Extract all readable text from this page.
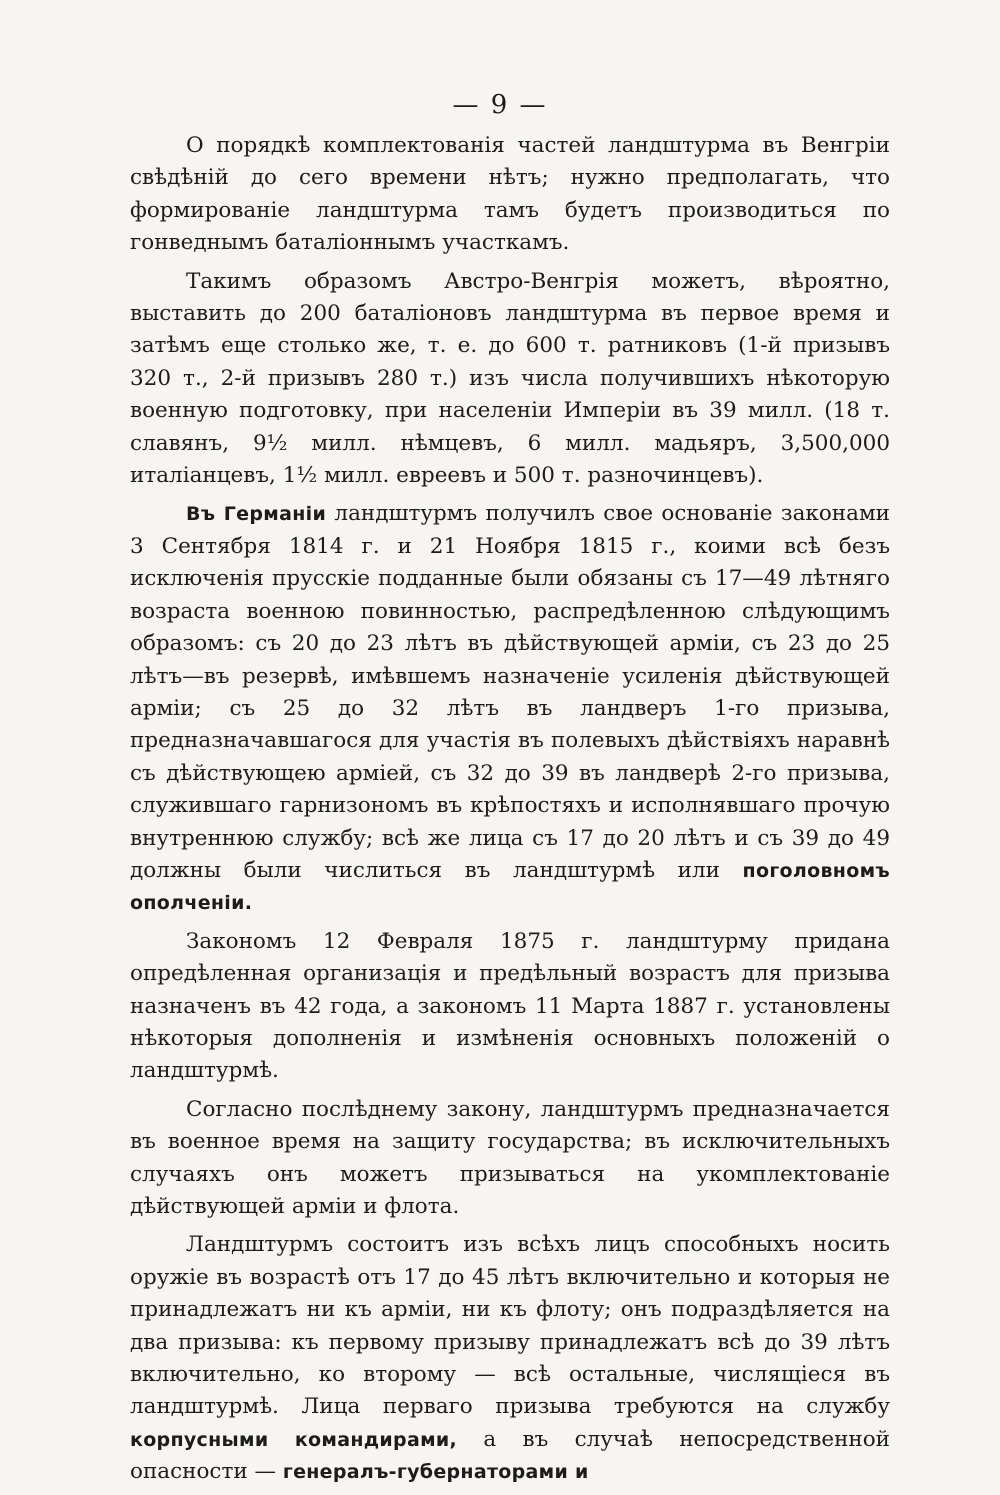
— 9 —

О порядкѣ комплектованія частей ландштурма въ Венгріи свѣдѣній до сего времени нѣтъ; нужно предполагать, что формированіе ландштурма тамъ будетъ производиться по гонведнымъ баталіоннымъ участкамъ.

Такимъ образомъ Австро-Венгрія можетъ, вѣроятно, выставить до 200 баталіоновъ ландштурма въ первое время и затѣмъ еще столько же, т. е. до 600 т. ратниковъ (1-й призывъ 320 т., 2-й призывъ 280 т.) изъ числа получившихъ нѣкоторую военную подготовку, при населеніи Имперіи въ 39 милл. (18 т. славянъ, 9½ милл. нѣмцевъ, 6 милл. мадьяръ, 3,500,000 италіанцевъ, 1½ милл. евреевъ и 500 т. разночинцевъ).

Въ Германіи ландштурмъ получилъ свое основаніе законами 3 Сентября 1814 г. и 21 Ноября 1815 г., коими всѣ безъ исключенія прусскіе подданные были обязаны съ 17—49 лѣтняго возраста военною повинностью, распредѣленною слѣдующимъ образомъ: съ 20 до 23 лѣтъ въ дѣйствующей арміи, съ 23 до 25 лѣтъ—въ резервѣ, имѣвшемъ назначеніе усиленія дѣйствующей арміи; съ 25 до 32 лѣтъ въ ландверъ 1-го призыва, предназначавшагося для участія въ полевыхъ дѣйствіяхъ наравнѣ съ дѣйствующею арміей, съ 32 до 39 въ ландверѣ 2-го призыва, служившаго гарнизономъ въ крѣпостяхъ и исполнявшаго прочую внутреннюю службу; всѣ же лица съ 17 до 20 лѣтъ и съ 39 до 49 должны были числиться въ ландштурмѣ или поголовномъ ополченіи.

Закономъ 12 Февраля 1875 г. ландштурму придана опредѣленная организація и предѣльный возрастъ для призыва назначенъ въ 42 года, а закономъ 11 Марта 1887 г. установлены нѣкоторыя дополненія и измѣненія основныхъ положеній о ландштурмѣ.

Согласно послѣднему закону, ландштурмъ предназначается въ военное время на защиту государства; въ исключительныхъ случаяхъ онъ можетъ призываться на укомплектованіе дѣйствующей арміи и флота.

Ландштурмъ состоитъ изъ всѣхъ лицъ способныхъ носить оружіе въ возрастѣ отъ 17 до 45 лѣтъ включительно и которыя не принадлежатъ ни къ арміи, ни къ флоту; онъ подраздѣляется на два призыва: къ первому призыву принадлежатъ всѣ до 39 лѣтъ включительно, ко второму — всѣ остальные, числящіеся въ ландштурмѣ. Лица перваго призыва требуются на службу корпусными командирами, а въ случаѣ непосредственной опасности — генералъ-губернаторами и
